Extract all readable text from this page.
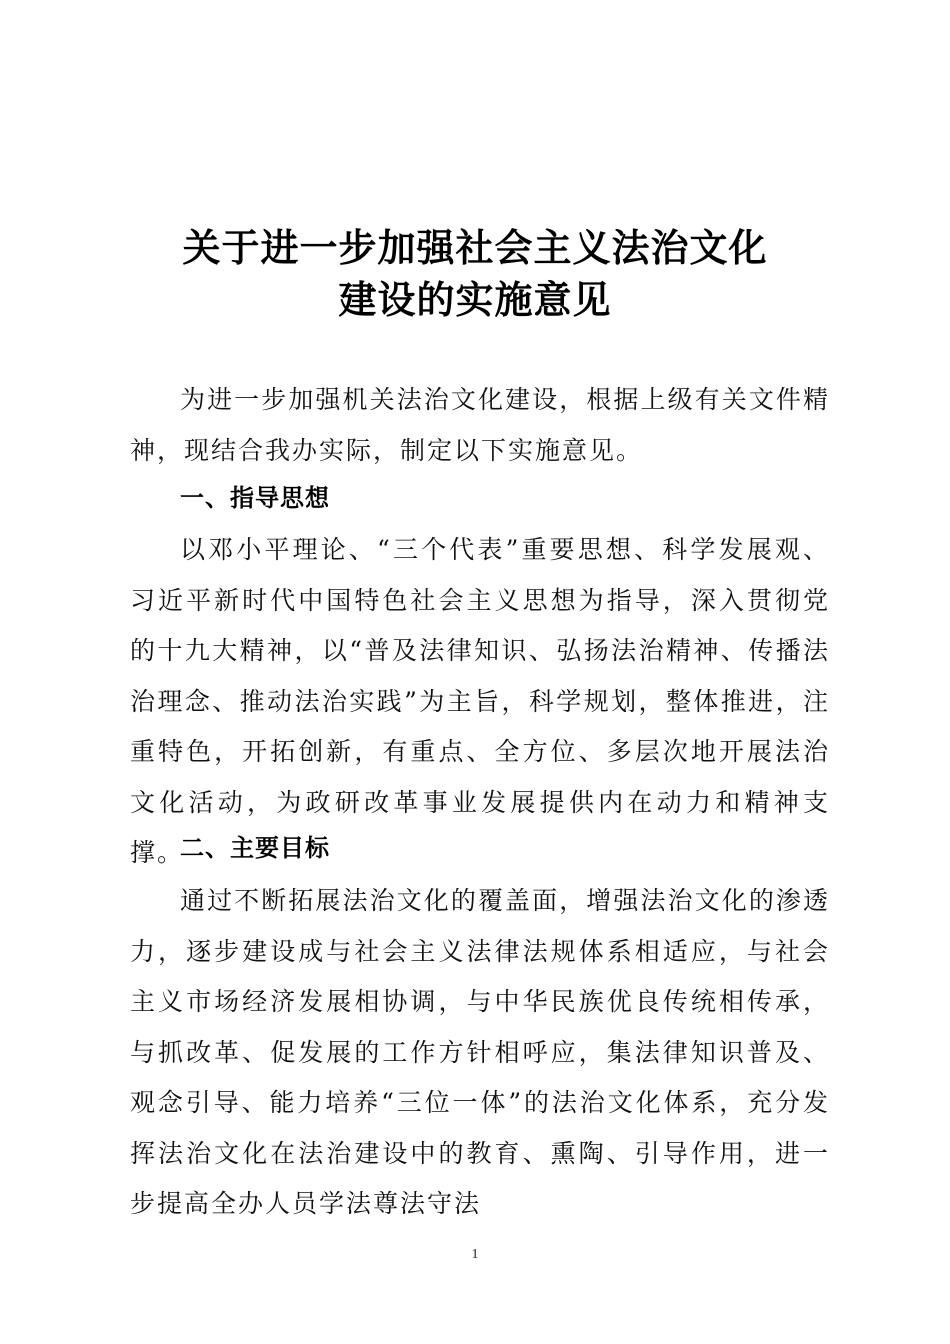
关于进一步加强社会主义法治文化
建设的实施意见

为进一步加强机关法治文化建设，根据上级有关文件精神，现结合我办实际，制定以下实施意见。

一、指导思想

以邓小平理论、“三个代表”重要思想、科学发展观、习近平新时代中国特色社会主义思想为指导，深入贯彻党的十九大精神，以“普及法律知识、弘扬法治精神、传播法治理念、推动法治实践”为主旨，科学规划，整体推进，注重特色，开拓创新，有重点、全方位、多层次地开展法治文化活动，为政研改革事业发展提供内在动力和精神支撑。

二、主要目标

通过不断拓展法治文化的覆盖面，增强法治文化的渗透力，逐步建设成与社会主义法律法规体系相适应，与社会主义市场经济发展相协调，与中华民族优良传统相传承，与抓改革、促发展的工作方针相呼应，集法律知识普及、观念引导、能力培养“三位一体”的法治文化体系，充分发挥法治文化在法治建设中的教育、熏陶、引导作用，进一步提高全办人员学法尊法守法

1
